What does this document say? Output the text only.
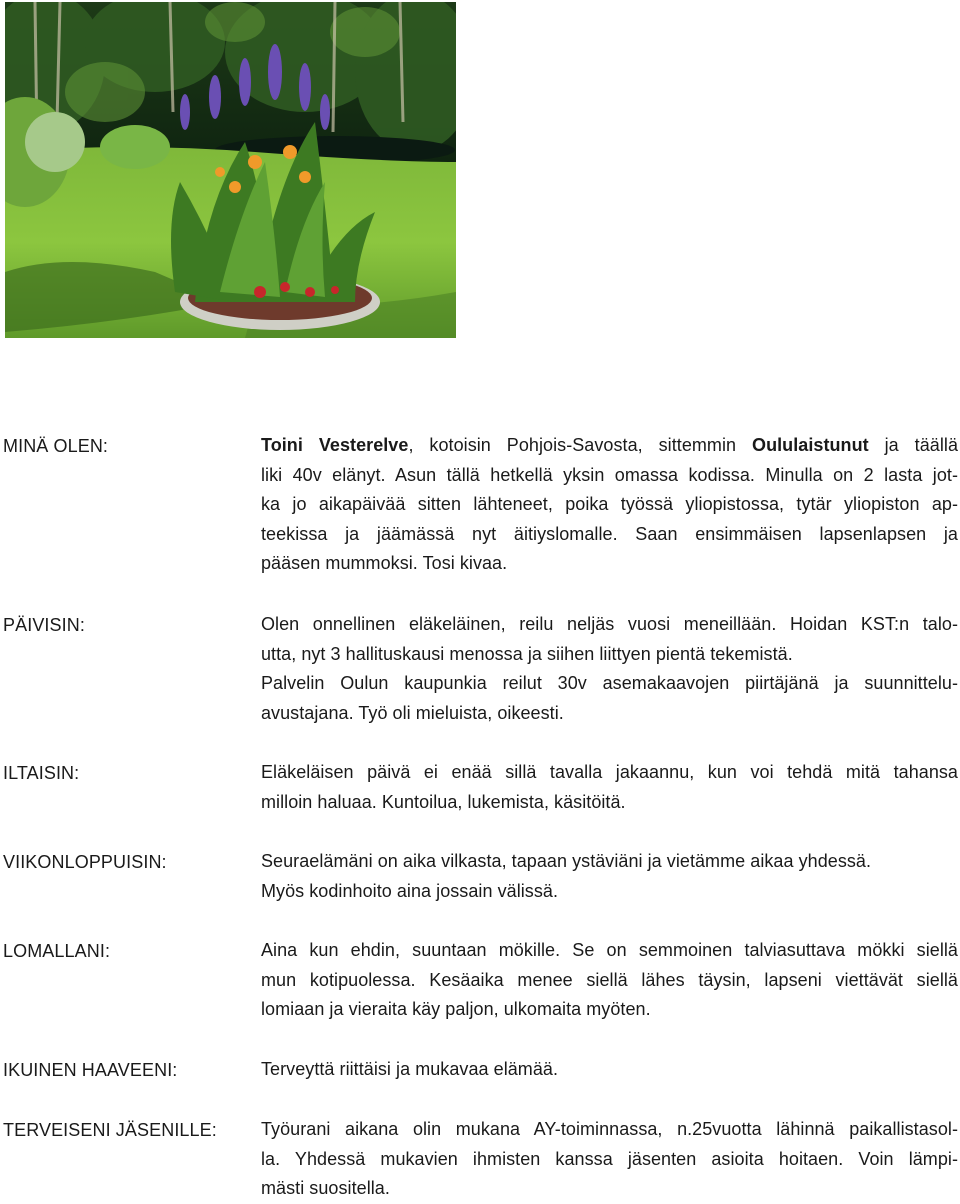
MINÄ OLEN:	Toini Vesterelve, kotoisin Pohjois-Savosta, sittemmin Oululaistunut ja täällä
liki 40v elänyt. Asun tällä hetkellä yksin omassa kodissa. Minulla on 2 lasta jot-
ka jo aikapäivää sitten lähteneet, poika työssä yliopistossa, tytär yliopiston ap-
teekissa ja jäämässä nyt äitiyslomalle. Saan ensimmäisen lapsenlapsen ja
pääsen mummoksi. Tosi kivaa.
PÄIVISIN:	Olen onnellinen eläkeläinen, reilu neljäs vuosi meneillään. Hoidan KST:n talo-
utta, nyt 3 hallituskausi menossa ja siihen liittyen pientä tekemistä.
Palvelin Oulun kaupunkia reilut 30v asemakaavojen piirtäjänä ja suunnittelu-
avustajana. Työ oli mieluista, oikeesti.
ILTAISIN:	Eläkeläisen päivä ei enää sillä tavalla jakaannu, kun voi tehdä mitä tahansa
milloin haluaa. Kuntoilua, lukemista, käsitöitä.
VIIKONLOPPUISIN:	Seuraelämäni on aika vilkasta, tapaan ystäviäni ja vietämme aikaa yhdessä.
Myös kodinhoito aina jossain välissä.
LOMALLANI:	Aina kun ehdin, suuntaan mökille. Se on semmoinen talviasuttava mökki siellä
mun kotipuolessa. Kesäaika menee siellä lähes täysin, lapseni viettävät siellä
lomiaan ja vieraita käy paljon, ulkomaita myöten.
IKUINEN HAAVEENI:	Terveyttä riittäisi ja mukavaa elämää.
TERVEISENI JÄSENILLE: Työurani aikana olin mukana AY-toiminnassa, n.25vuotta lähinnä paikallistasol-
la. Yhdessä mukavien ihmisten kanssa jäsenten asioita hoitaen. Voin lämpi-
mästi suositella.
